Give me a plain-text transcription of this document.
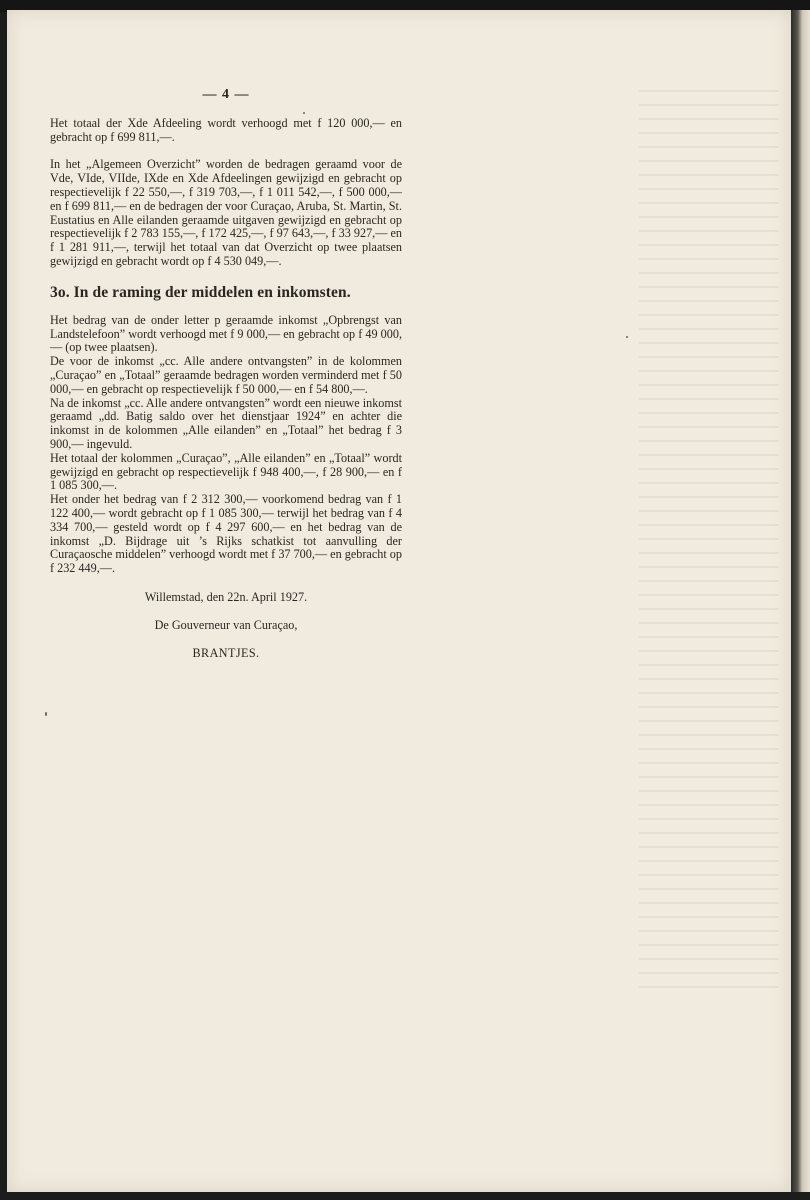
— 4 —

Het totaal der Xde Afdeeling wordt verhoogd met f 120 000,— en gebracht op f 699 811,—.

In het „Algemeen Overzicht” worden de bedragen geraamd voor de Vde, VIde, VIIde, IXde en Xde Afdeelingen gewijzigd en gebracht op respectievelijk f 22 550,—, f 319 703,—, f 1 011 542,—, f 500 000,— en f 699 811,— en de bedragen der voor Curaçao, Aruba, St. Martin, St. Eustatius en Alle eilanden geraamde uitgaven gewijzigd en gebracht op respectievelijk f 2 783 155,—, f 172 425,—, f 97 643,—, f 33 927,— en f 1 281 911,—, terwijl het totaal van dat Overzicht op twee plaatsen gewijzigd en gebracht wordt op f 4 530 049,—.

3o. In de raming der middelen en inkomsten.

Het bedrag van de onder letter p geraamde inkomst „Opbrengst van Landstelefoon” wordt verhoogd met f 9 000,— en gebracht op f 49 000,— (op twee plaatsen).

De voor de inkomst „cc. Alle andere ontvangsten” in de kolommen „Curaçao” en „Totaal” geraamde bedragen worden verminderd met f 50 000,— en gebracht op respectievelijk f 50 000,— en f 54 800,—.

Na de inkomst „cc. Alle andere ontvangsten” wordt een nieuwe inkomst geraamd „dd. Batig saldo over het dienstjaar 1924” en achter die inkomst in de kolommen „Alle eilanden” en „Totaal” het bedrag f 3 900,— ingevuld.

Het totaal der kolommen „Curaçao”, „Alle eilanden” en „Totaal” wordt gewijzigd en gebracht op respectievelijk f 948 400,—, f 28 900,— en f 1 085 300,—.

Het onder het bedrag van f 2 312 300,— voorkomend bedrag van f 1 122 400,— wordt gebracht op f 1 085 300,— terwijl het bedrag van f 4 334 700,— gesteld wordt op f 4 297 600,— en het bedrag van de inkomst „D. Bijdrage uit ’s Rijks schatkist tot aanvulling der Curaçaosche middelen” verhoogd wordt met f 37 700,— en gebracht op f 232 449,—.

Willemstad, den 22n. April 1927.
De Gouverneur van Curaçao,
BRANTJES.
